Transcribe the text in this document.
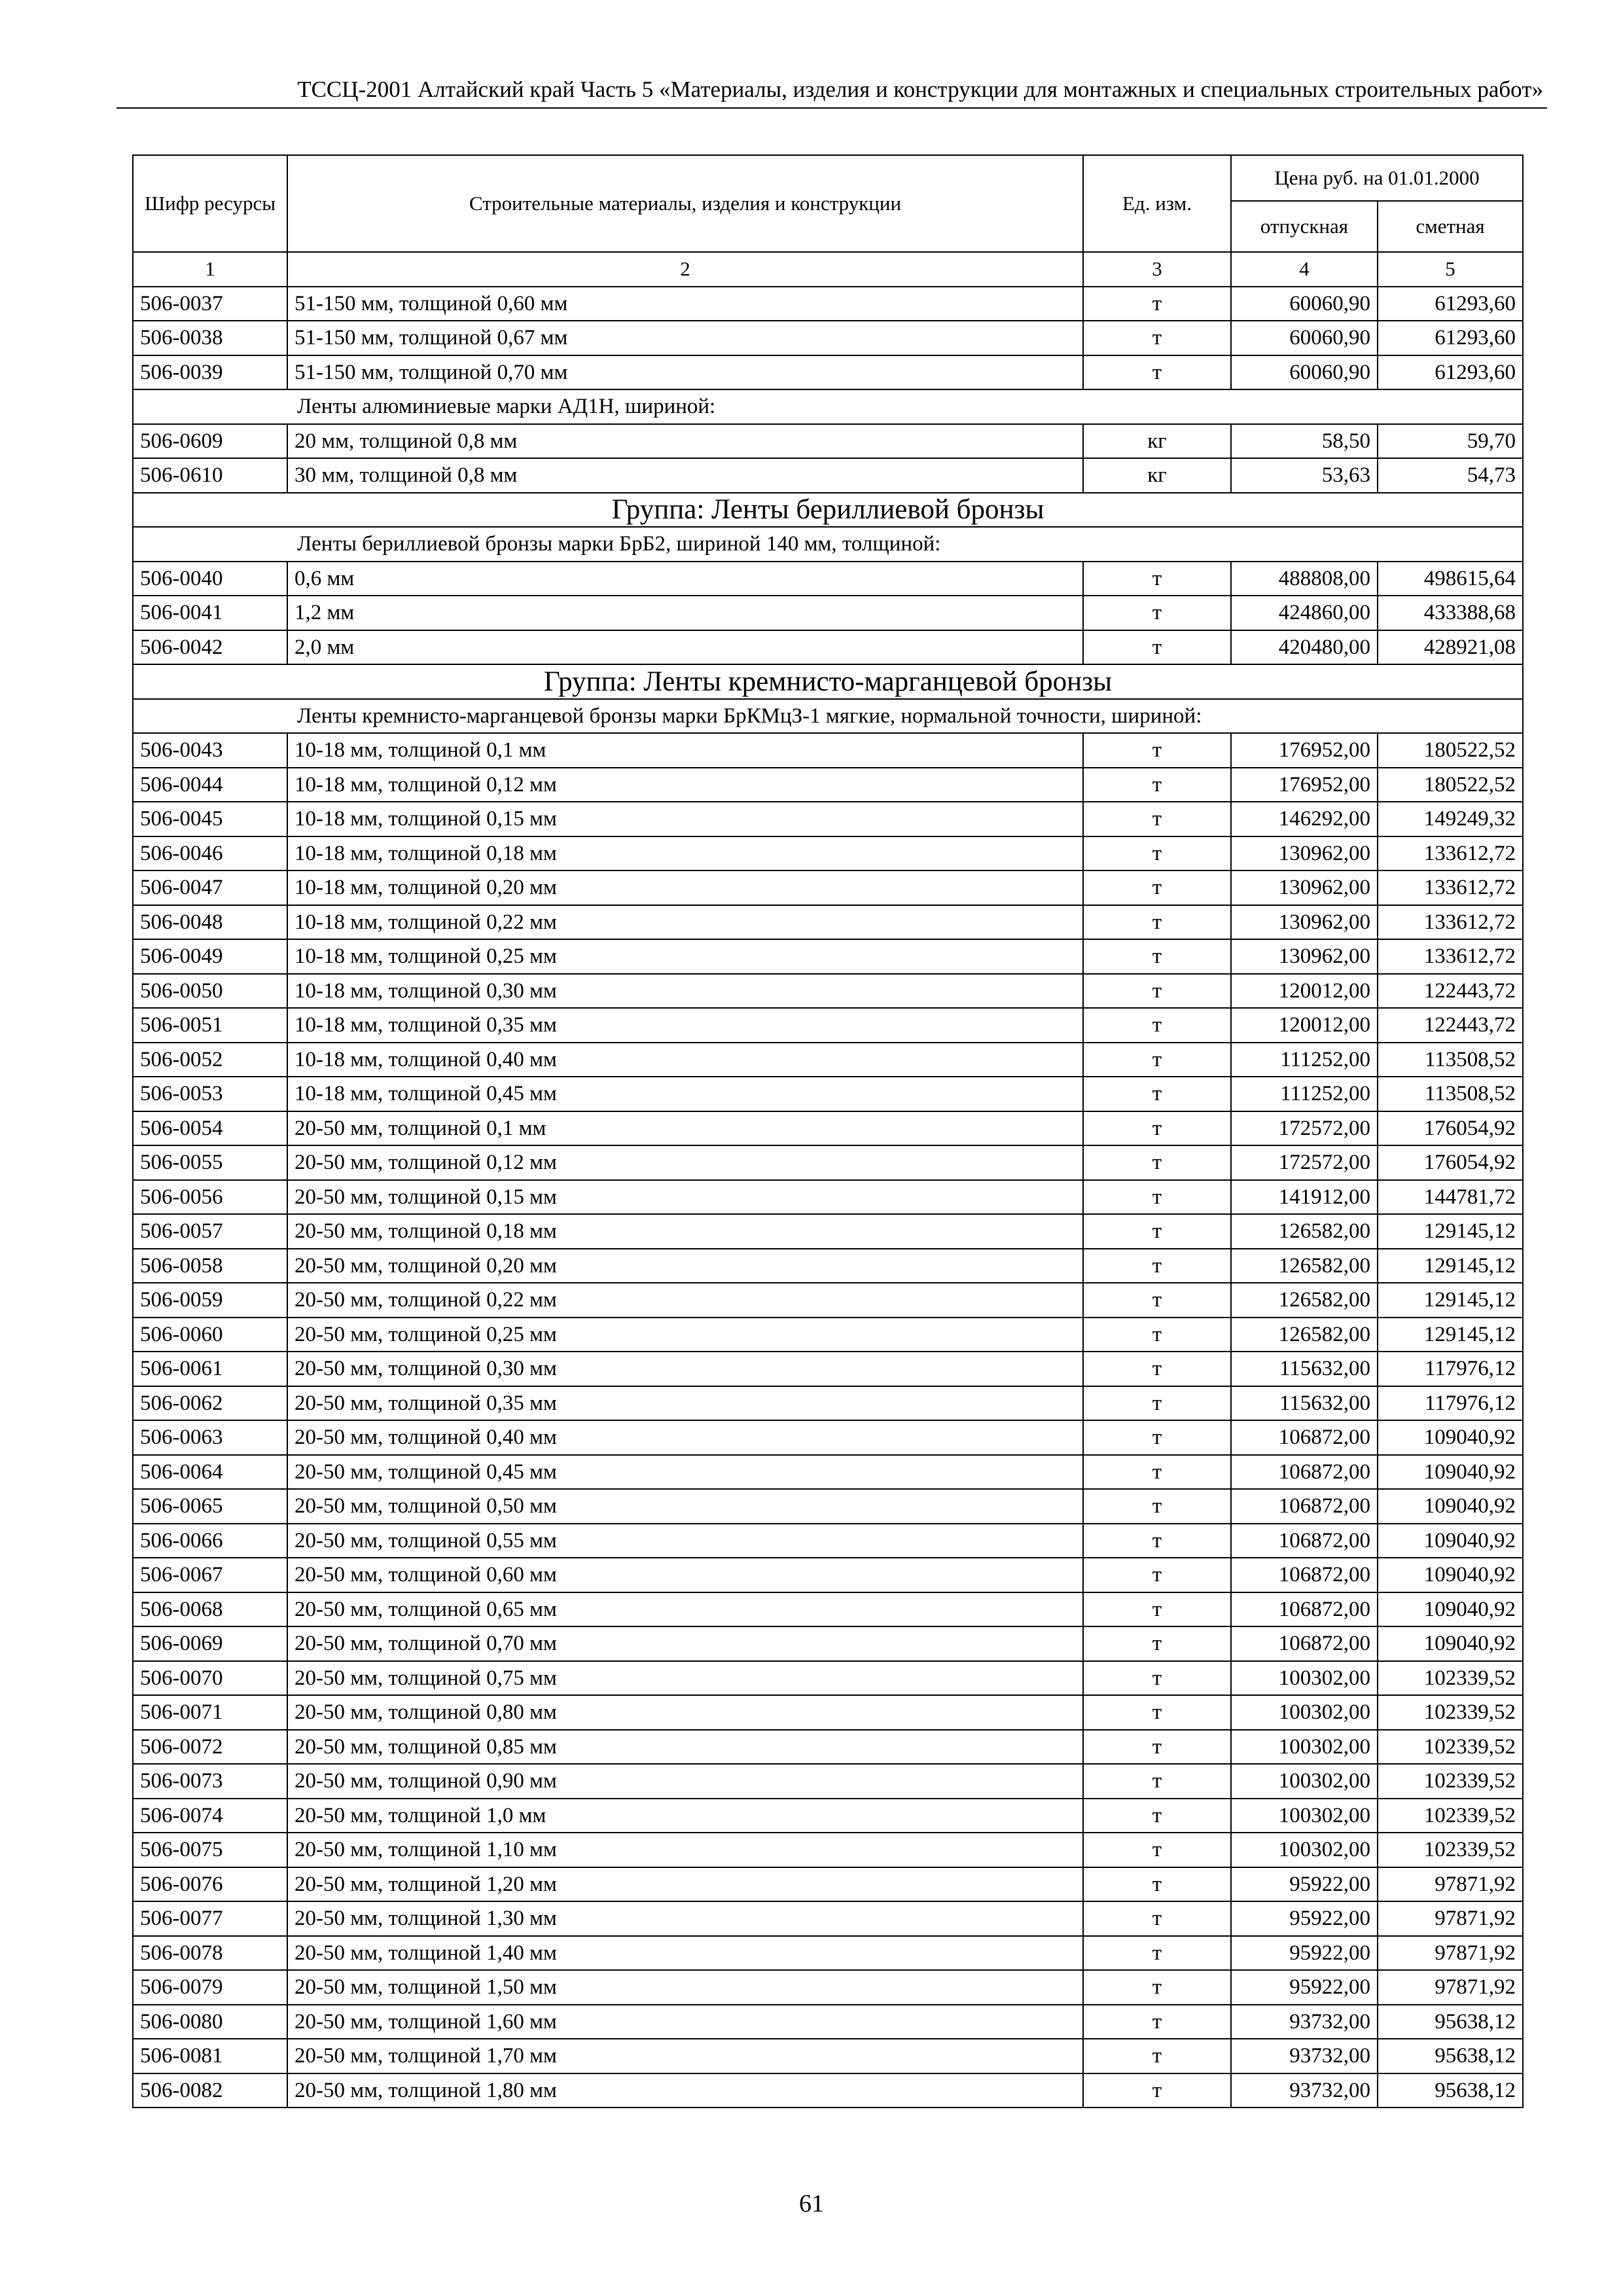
ТССЦ-2001 Алтайский край Часть 5 «Материалы, изделия и конструкции для монтажных и специальных строительных работ»
Шифр ресурсы	Строительные материалы, изделия и конструкции	Ед. изм.	Цена руб. на 01.01.2000	
			отпускная	сметная
1	2	3	4	5
506-0037	51-150 мм, толщиной 0,60 мм	т	60060,90	61293,60
506-0038	51-150 мм, толщиной 0,67 мм	т	60060,90	61293,60
506-0039	51-150 мм, толщиной 0,70 мм	т	60060,90	61293,60
Ленты алюминиевые марки АД1Н, шириной:				
506-0609	20 мм, толщиной 0,8 мм	кг	58,50	59,70
506-0610	30 мм, толщиной 0,8 мм	кг	53,63	54,73
Группа: Ленты бериллиевой бронзы				
Ленты бериллиевой бронзы марки БрБ2, шириной 140 мм, толщиной:				
506-0040	0,6 мм	т	488808,00	498615,64
506-0041	1,2 мм	т	424860,00	433388,68
506-0042	2,0 мм	т	420480,00	428921,08
Группа: Ленты кремнисто-марганцевой бронзы				
Ленты кремнисто-марганцевой бронзы марки БрКМцЗ-1 мягкие, нормальной точности, шириной:				
506-0043	10-18 мм, толщиной 0,1 мм	т	176952,00	180522,52
506-0044	10-18 мм, толщиной 0,12 мм	т	176952,00	180522,52
506-0045	10-18 мм, толщиной 0,15 мм	т	146292,00	149249,32
506-0046	10-18 мм, толщиной 0,18 мм	т	130962,00	133612,72
506-0047	10-18 мм, толщиной 0,20 мм	т	130962,00	133612,72
506-0048	10-18 мм, толщиной 0,22 мм	т	130962,00	133612,72
506-0049	10-18 мм, толщиной 0,25 мм	т	130962,00	133612,72
506-0050	10-18 мм, толщиной 0,30 мм	т	120012,00	122443,72
506-0051	10-18 мм, толщиной 0,35 мм	т	120012,00	122443,72
506-0052	10-18 мм, толщиной 0,40 мм	т	111252,00	113508,52
506-0053	10-18 мм, толщиной 0,45 мм	т	111252,00	113508,52
506-0054	20-50 мм, толщиной 0,1 мм	т	172572,00	176054,92
506-0055	20-50 мм, толщиной 0,12 мм	т	172572,00	176054,92
506-0056	20-50 мм, толщиной 0,15 мм	т	141912,00	144781,72
506-0057	20-50 мм, толщиной 0,18 мм	т	126582,00	129145,12
506-0058	20-50 мм, толщиной 0,20 мм	т	126582,00	129145,12
506-0059	20-50 мм, толщиной 0,22 мм	т	126582,00	129145,12
506-0060	20-50 мм, толщиной 0,25 мм	т	126582,00	129145,12
506-0061	20-50 мм, толщиной 0,30 мм	т	115632,00	117976,12
506-0062	20-50 мм, толщиной 0,35 мм	т	115632,00	117976,12
506-0063	20-50 мм, толщиной 0,40 мм	т	106872,00	109040,92
506-0064	20-50 мм, толщиной 0,45 мм	т	106872,00	109040,92
506-0065	20-50 мм, толщиной 0,50 мм	т	106872,00	109040,92
506-0066	20-50 мм, толщиной 0,55 мм	т	106872,00	109040,92
506-0067	20-50 мм, толщиной 0,60 мм	т	106872,00	109040,92
506-0068	20-50 мм, толщиной 0,65 мм	т	106872,00	109040,92
506-0069	20-50 мм, толщиной 0,70 мм	т	106872,00	109040,92
506-0070	20-50 мм, толщиной 0,75 мм	т	100302,00	102339,52
506-0071	20-50 мм, толщиной 0,80 мм	т	100302,00	102339,52
506-0072	20-50 мм, толщиной 0,85 мм	т	100302,00	102339,52
506-0073	20-50 мм, толщиной 0,90 мм	т	100302,00	102339,52
506-0074	20-50 мм, толщиной 1,0 мм	т	100302,00	102339,52
506-0075	20-50 мм, толщиной 1,10 мм	т	100302,00	102339,52
506-0076	20-50 мм, толщиной 1,20 мм	т	95922,00	97871,92
506-0077	20-50 мм, толщиной 1,30 мм	т	95922,00	97871,92
506-0078	20-50 мм, толщиной 1,40 мм	т	95922,00	97871,92
506-0079	20-50 мм, толщиной 1,50 мм	т	95922,00	97871,92
506-0080	20-50 мм, толщиной 1,60 мм	т	93732,00	95638,12
506-0081	20-50 мм, толщиной 1,70 мм	т	93732,00	95638,12
506-0082	20-50 мм, толщиной 1,80 мм	т	93732,00	95638,12
61
